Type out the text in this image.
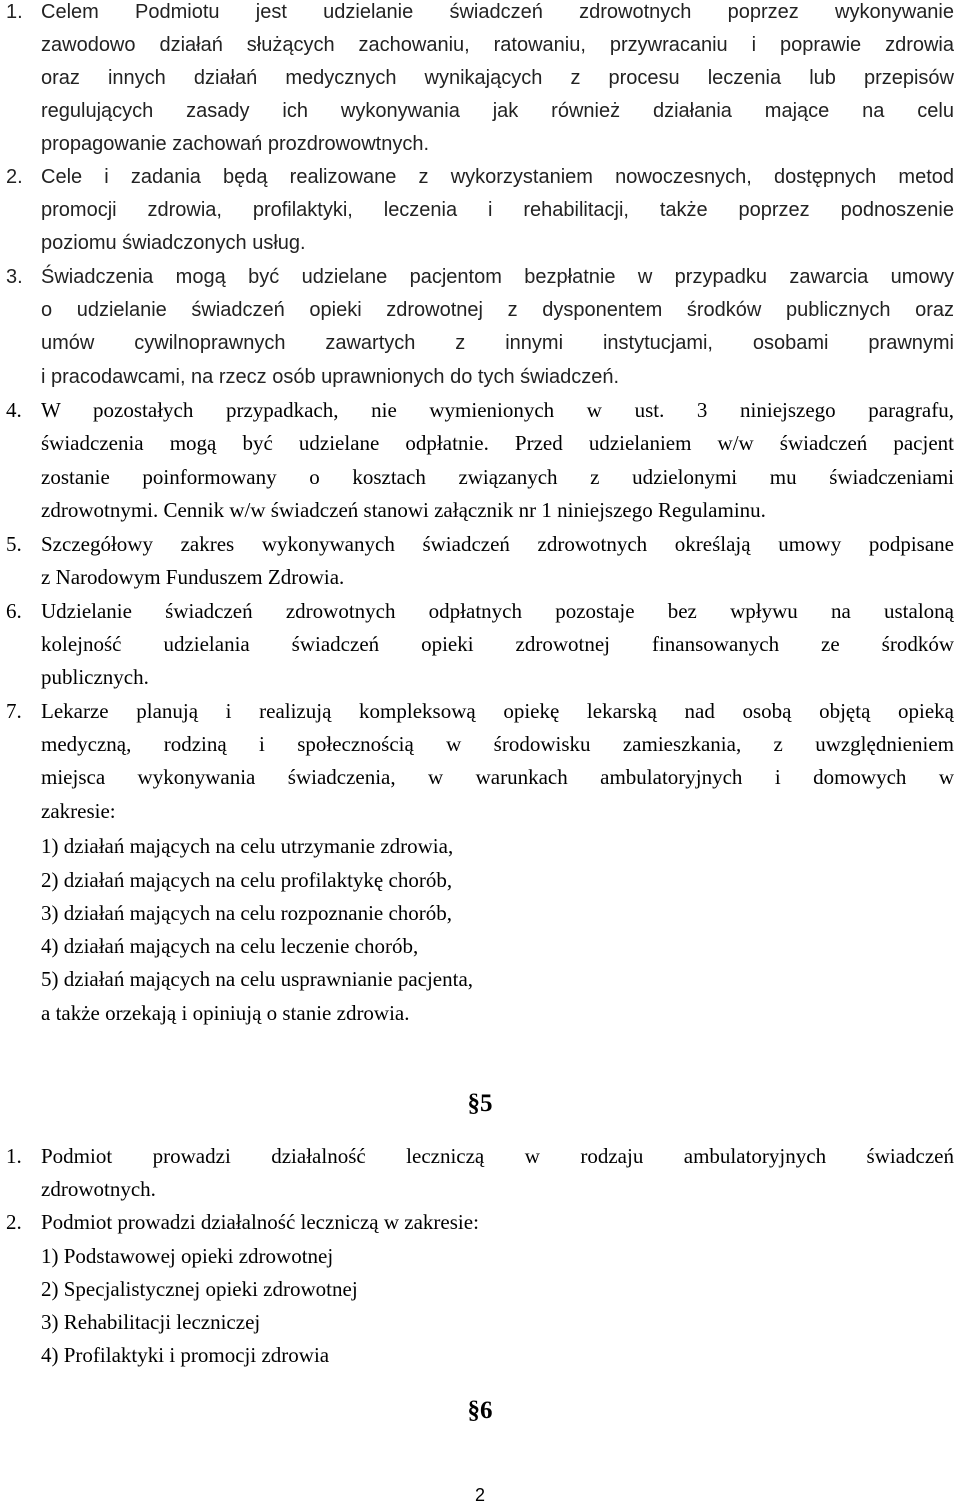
1. Celem Podmiotu jest udzielanie świadczeń zdrowotnych poprzez wykonywanie
zawodowo działań służących zachowaniu, ratowaniu, przywracaniu i poprawie zdrowia
oraz innych działań medycznych wynikających z procesu leczenia lub przepisów
regulujących zasady ich wykonywania jak również działania mające na celu
propagowanie zachowań prozdrowowtnych.
2. Cele i zadania będą realizowane z wykorzystaniem nowoczesnych, dostępnych metod
promocji zdrowia, profilaktyki, leczenia i rehabilitacji, także poprzez podnoszenie
poziomu świadczonych usług.
3. Świadczenia mogą być udzielane pacjentom bezpłatnie w przypadku zawarcia umowy
o udzielanie świadczeń opieki zdrowotnej z dysponentem środków publicznych oraz
umów cywilnoprawnych zawartych z innymi instytucjami, osobami prawnymi
i pracodawcami, na rzecz osób uprawnionych do tych świadczeń.
4. W pozostałych przypadkach, nie wymienionych w ust. 3 niniejszego paragrafu,
świadczenia mogą być udzielane odpłatnie. Przed udzielaniem w/w świadczeń pacjent
zostanie poinformowany o kosztach związanych z udzielonymi mu świadczeniami
zdrowotnymi. Cennik w/w świadczeń stanowi załącznik nr 1 niniejszego Regulaminu.
5. Szczegółowy zakres wykonywanych świadczeń zdrowotnych określają umowy podpisane
z Narodowym Funduszem Zdrowia.
6. Udzielanie świadczeń zdrowotnych odpłatnych pozostaje bez wpływu na ustaloną
kolejność udzielania świadczeń opieki zdrowotnej finansowanych ze środków
publicznych.
7. Lekarze planują i realizują kompleksową opiekę lekarską nad osobą objętą opieką
medyczną, rodziną i społecznością w środowisku zamieszkania, z uwzględnieniem
miejsca wykonywania świadczenia, w warunkach ambulatoryjnych i domowych w
zakresie:
1) działań mających na celu utrzymanie zdrowia,
2) działań mających na celu profilaktykę chorób,
3) działań mających na celu rozpoznanie chorób,
4) działań mających na celu leczenie chorób,
5) działań mających na celu usprawnianie pacjenta,
a także orzekają i opiniują o stanie zdrowia.
§5
1. Podmiot prowadzi działalność leczniczą w rodzaju ambulatoryjnych świadczeń
zdrowotnych.
2. Podmiot prowadzi działalność leczniczą w zakresie:
1) Podstawowej opieki zdrowotnej
2) Specjalistycznej opieki zdrowotnej
3) Rehabilitacji leczniczej
4) Profilaktyki i promocji zdrowia
§6
2
